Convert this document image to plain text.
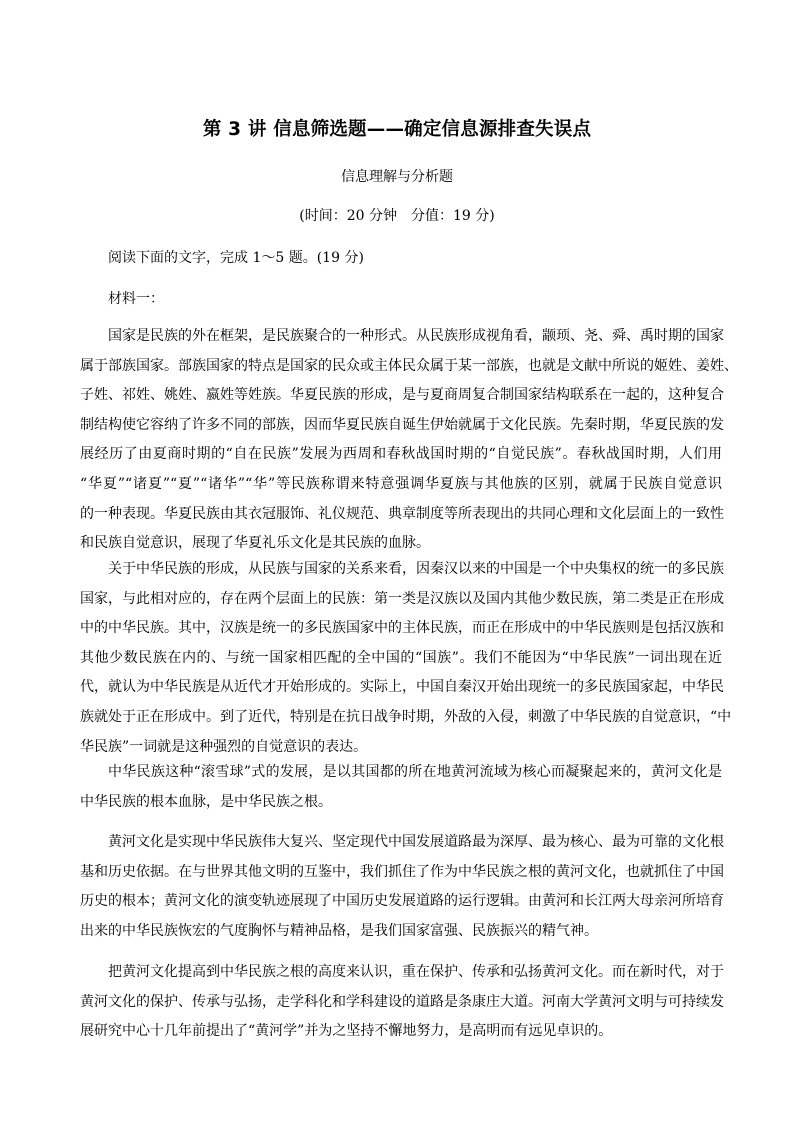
第 3 讲 信息筛选题——确定信息源排查失误点
信息理解与分析题
(时间：20 分钟　分值：19 分)
阅读下面的文字，完成 1～5 题。(19 分)
材料一：
国家是民族的外在框架，是民族聚合的一种形式。从民族形成视角看，颛顼、尧、舜、禹时期的国家
属于部族国家。部族国家的特点是国家的民众或主体民众属于某一部族，也就是文献中所说的姬姓、姜姓、
子姓、祁姓、姚姓、嬴姓等姓族。华夏民族的形成，是与夏商周复合制国家结构联系在一起的，这种复合
制结构使它容纳了许多不同的部族，因而华夏民族自诞生伊始就属于文化民族。先秦时期，华夏民族的发
展经历了由夏商时期的“自在民族”发展为西周和春秋战国时期的“自觉民族”。春秋战国时期，人们用
“华夏”“诸夏”“夏”“诸华”“华”等民族称谓来特意强调华夏族与其他族的区别，就属于民族自觉意识
的一种表现。华夏民族由其衣冠服饰、礼仪规范、典章制度等所表现出的共同心理和文化层面上的一致性
和民族自觉意识，展现了华夏礼乐文化是其民族的血脉。
关于中华民族的形成，从民族与国家的关系来看，因秦汉以来的中国是一个中央集权的统一的多民族
国家，与此相对应的，存在两个层面上的民族：第一类是汉族以及国内其他少数民族，第二类是正在形成
中的中华民族。其中，汉族是统一的多民族国家中的主体民族，而正在形成中的中华民族则是包括汉族和
其他少数民族在内的、与统一国家相匹配的全中国的“国族”。我们不能因为“中华民族”一词出现在近
代，就认为中华民族是从近代才开始形成的。实际上，中国自秦汉开始出现统一的多民族国家起，中华民
族就处于正在形成中。到了近代，特别是在抗日战争时期，外敌的入侵，刺激了中华民族的自觉意识，“中
华民族”一词就是这种强烈的自觉意识的表达。
中华民族这种“滚雪球”式的发展，是以其国都的所在地黄河流域为核心而凝聚起来的，黄河文化是
中华民族的根本血脉，是中华民族之根。
黄河文化是实现中华民族伟大复兴、坚定现代中国发展道路最为深厚、最为核心、最为可靠的文化根
基和历史依据。在与世界其他文明的互鉴中，我们抓住了作为中华民族之根的黄河文化，也就抓住了中国
历史的根本；黄河文化的演变轨迹展现了中国历史发展道路的运行逻辑。由黄河和长江两大母亲河所培育
出来的中华民族恢宏的气度胸怀与精神品格，是我们国家富强、民族振兴的精气神。
把黄河文化提高到中华民族之根的高度来认识，重在保护、传承和弘扬黄河文化。而在新时代，对于
黄河文化的保护、传承与弘扬，走学科化和学科建设的道路是条康庄大道。河南大学黄河文明与可持续发
展研究中心十几年前提出了“黄河学”并为之坚持不懈地努力，是高明而有远见卓识的。
